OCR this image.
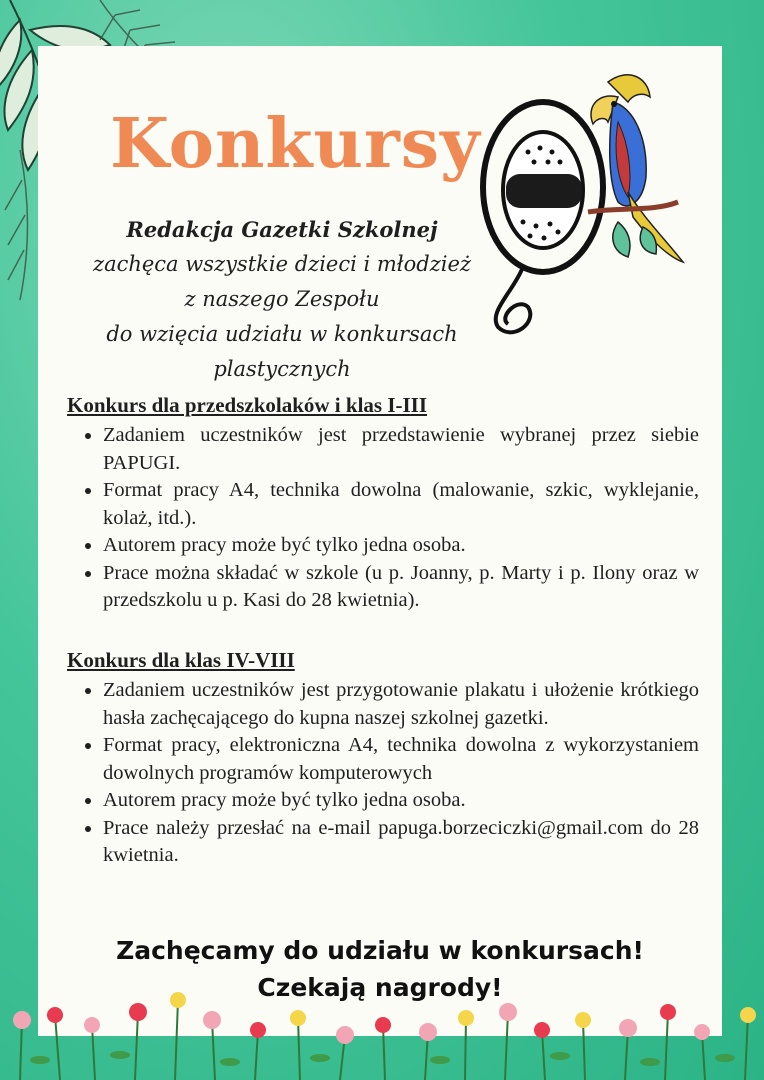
Konkursy
Redakcja Gazetki Szkolnej
zachęca wszystkie dzieci i młodzież
z naszego Zespołu
do wzięcia udziału w konkursach
plastycznych
Konkurs dla przedszkolaków i klas I-III
• Zadaniem uczestników jest przedstawienie wybranej przez siebie PAPUGI.
• Format pracy A4, technika dowolna (malowanie, szkic, wyklejanie, kolaż, itd.).
• Autorem pracy może być tylko jedna osoba.
• Prace można składać w szkole (u p. Joanny, p. Marty i p. Ilony oraz w przedszkolu u p. Kasi do 28 kwietnia).
Konkurs dla klas IV-VIII
• Zadaniem uczestników jest przygotowanie plakatu i ułożenie krótkiego hasła zachęcającego do kupna naszej szkolnej gazetki.
• Format pracy, elektroniczna A4, technika dowolna z wykorzystaniem dowolnych programów komputerowych
• Autorem pracy może być tylko jedna osoba.
• Prace należy przesłać na e-mail papuga.borzeciczki@gmail.com do 28 kwietnia.
Zachęcamy do udziału w konkursach!
Czekają nagrody!
